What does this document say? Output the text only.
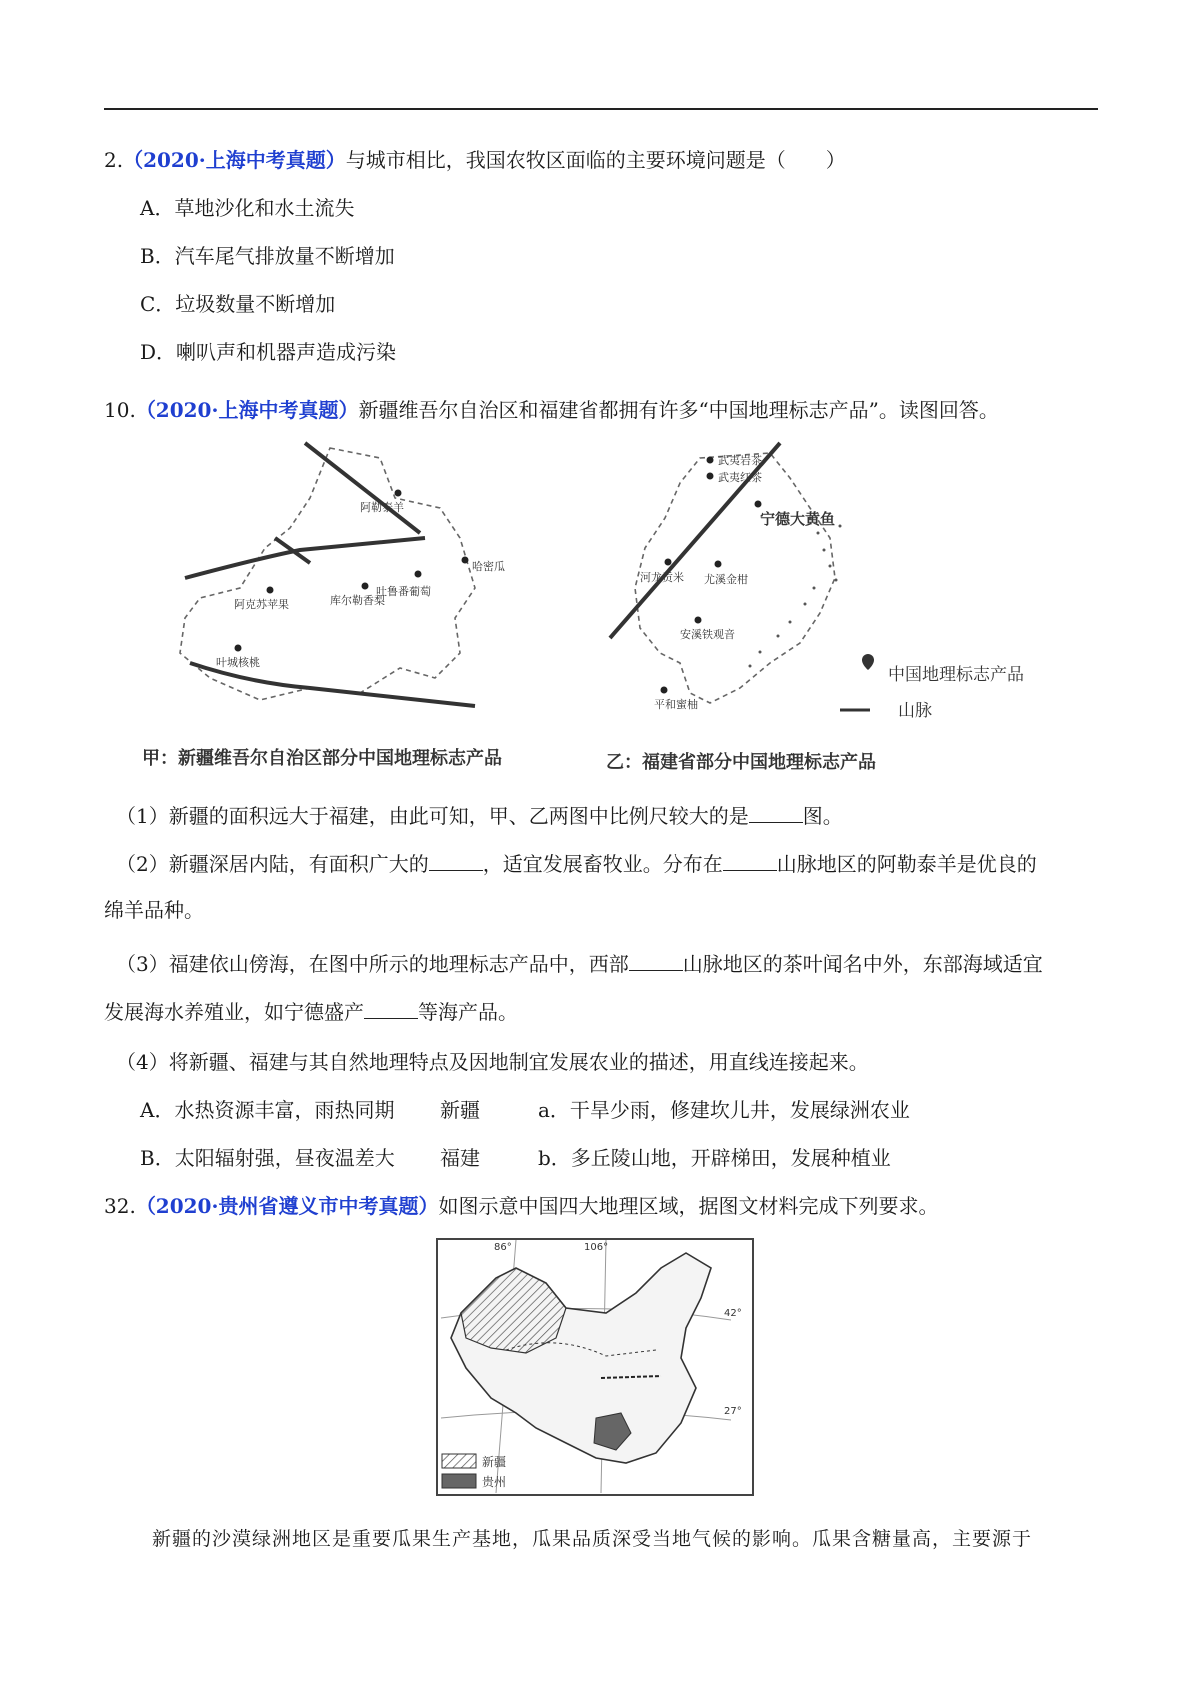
2.（2020·上海中考真题）与城市相比，我国农牧区面临的主要环境问题是（　　）
A．草地沙化和水土流失
B．汽车尾气排放量不断增加
C．垃圾数量不断增加
D．喇叭声和机器声造成污染
10.（2020·上海中考真题）新疆维吾尔自治区和福建省都拥有许多“中国地理标志产品”。读图回答。
阿勒泰羊
哈密瓜
吐鲁番葡萄
库尔勒香梨
阿克苏苹果
叶城核桃
武夷岩茶
武夷红茶
宁德大黄鱼
河龙贡米 尤溪金柑
安溪铁观音
平和蜜柚
中国地理标志产品
山脉
甲：新疆维吾尔自治区部分中国地理标志产品	乙：福建省部分中国地理标志产品
（1）新疆的面积远大于福建，由此可知，甲、乙两图中比例尺较大的是	图。
（2）新疆深居内陆，有面积广大的	，适宜发展畜牧业。分布在	山脉地区的阿勒泰羊是优良的
绵羊品种。
（3）福建依山傍海，在图中所示的地理标志产品中，西部	山脉地区的茶叶闻名中外，东部海域适宜
发展海水养殖业，如宁德盛产	等海产品。
（4）将新疆、福建与其自然地理特点及因地制宜发展农业的描述，用直线连接起来。
A．水热资源丰富，雨热同期 新疆	a．干旱少雨，修建坎儿井，发展绿洲农业
B．太阳辐射强，昼夜温差大 福建	b．多丘陵山地，开辟梯田，发展种植业
32.（2020·贵州省遵义市中考真题）如图示意中国四大地理区域，据图文材料完成下列要求。
86°	106°
42°
27°
新疆
贵州
新疆的沙漠绿洲地区是重要瓜果生产基地，瓜果品质深受当地气候的影响。瓜果含糖量高，主要源于
